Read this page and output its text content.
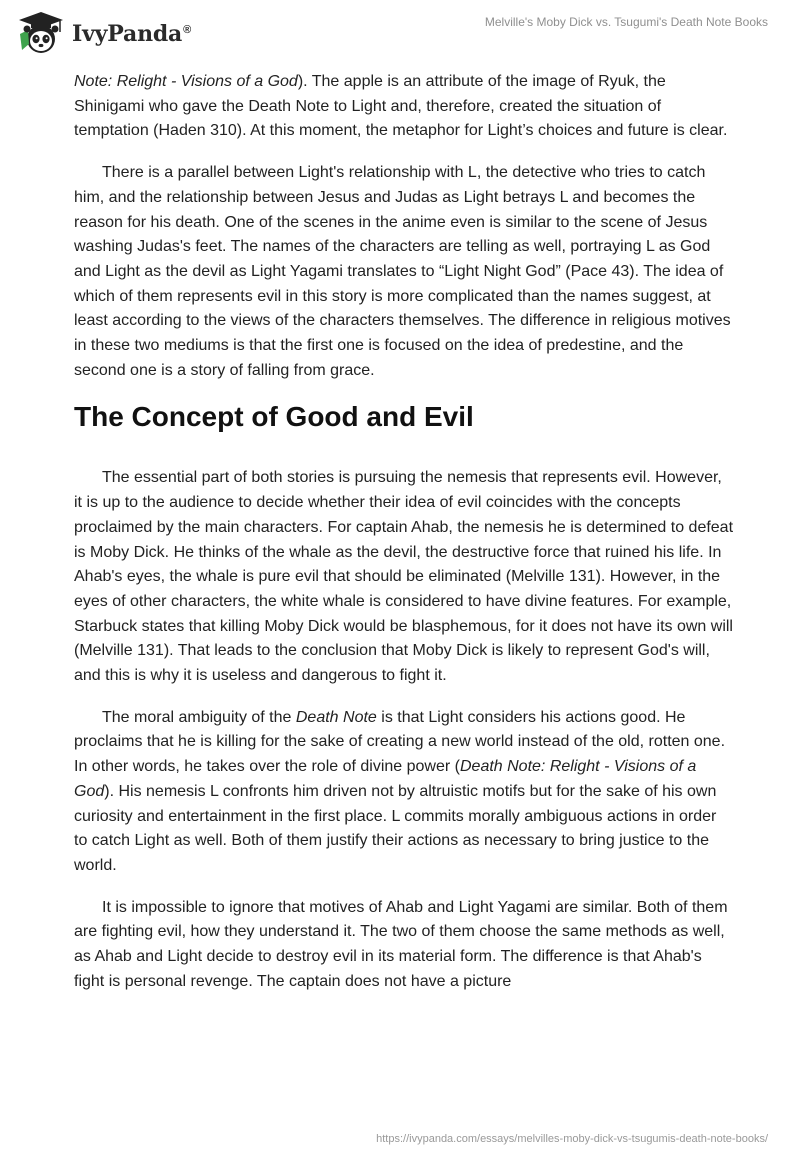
IvyPanda®
Melville's Moby Dick vs. Tsugumi's Death Note Books

Note: Relight - Visions of a God). The apple is an attribute of the image of Ryuk, the Shinigami who gave the Death Note to Light and, therefore, created the situation of temptation (Haden 310). At this moment, the metaphor for Light’s choices and future is clear.

There is a parallel between Light's relationship with L, the detective who tries to catch him, and the relationship between Jesus and Judas as Light betrays L and becomes the reason for his death. One of the scenes in the anime even is similar to the scene of Jesus washing Judas's feet. The names of the characters are telling as well, portraying L as God and Light as the devil as Light Yagami translates to “Light Night God” (Pace 43). The idea of which of them represents evil in this story is more complicated than the names suggest, at least according to the views of the characters themselves. The difference in religious motives in these two mediums is that the first one is focused on the idea of predestine, and the second one is a story of falling from grace.

The Concept of Good and Evil

The essential part of both stories is pursuing the nemesis that represents evil. However, it is up to the audience to decide whether their idea of evil coincides with the concepts proclaimed by the main characters. For captain Ahab, the nemesis he is determined to defeat is Moby Dick. He thinks of the whale as the devil, the destructive force that ruined his life. In Ahab's eyes, the whale is pure evil that should be eliminated (Melville 131). However, in the eyes of other characters, the white whale is considered to have divine features. For example, Starbuck states that killing Moby Dick would be blasphemous, for it does not have its own will (Melville 131). That leads to the conclusion that Moby Dick is likely to represent God's will, and this is why it is useless and dangerous to fight it.

The moral ambiguity of the Death Note is that Light considers his actions good. He proclaims that he is killing for the sake of creating a new world instead of the old, rotten one. In other words, he takes over the role of divine power (Death Note: Relight - Visions of a God). His nemesis L confronts him driven not by altruistic motifs but for the sake of his own curiosity and entertainment in the first place. L commits morally ambiguous actions in order to catch Light as well. Both of them justify their actions as necessary to bring justice to the world.

It is impossible to ignore that motives of Ahab and Light Yagami are similar. Both of them are fighting evil, how they understand it. The two of them choose the same methods as well, as Ahab and Light decide to destroy evil in its material form. The difference is that Ahab's fight is personal revenge. The captain does not have a picture

https://ivypanda.com/essays/melvilles-moby-dick-vs-tsugumis-death-note-books/
